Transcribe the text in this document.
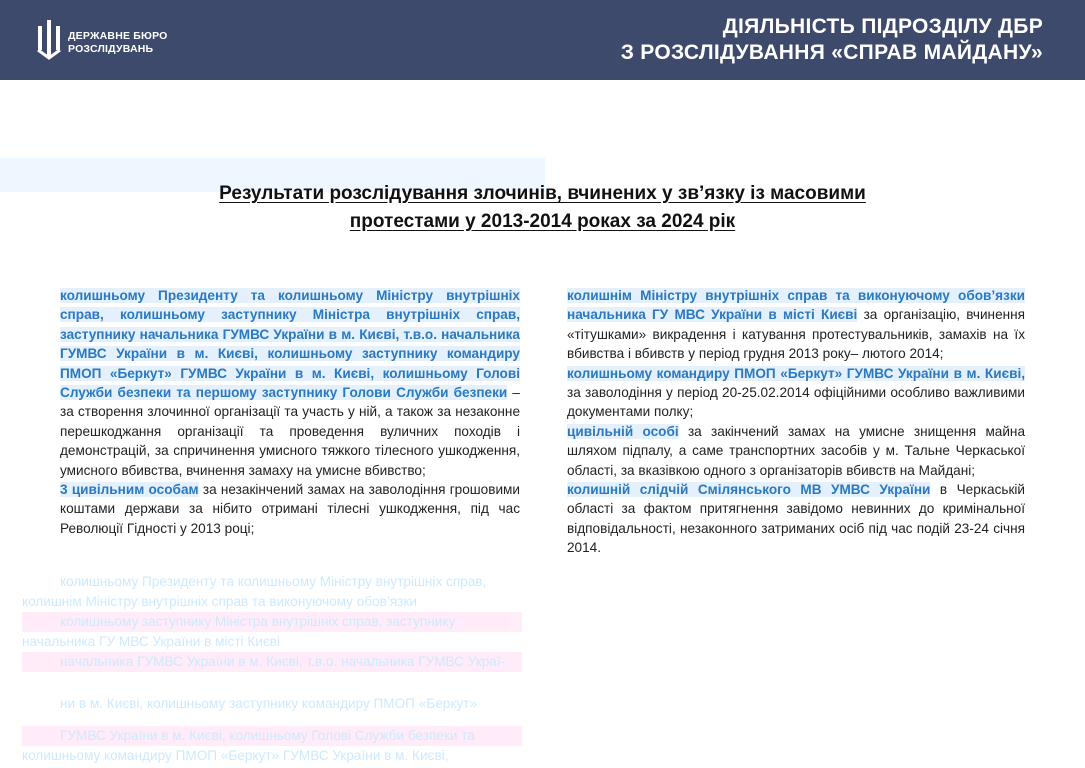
ДЕРЖАВНЕ БЮРО
РОЗСЛІДУВАНЬ
ДІЯЛЬНІСТЬ ПІДРОЗДІЛУ ДБР
З РОЗСЛІДУВАННЯ «СПРАВ МАЙДАНУ»
Результати розслідування злочинів, вчинених у зв’язку із масовими
протестами у 2013-2014 роках за 2024 рік

колишньому Президенту та колишньому Міністру внутрішніх справ, колишньому заступнику Міністра внутрішніх справ, заступнику начальника ГУМВС України в м. Києві, т.в.о. начальника ГУМВС України в м. Києві, колишньому заступнику командиру ПМОП «Беркут» ГУМВС України в м. Києві, колишньому Голові Служби безпеки та першому заступнику Голови Служби безпеки – за створення злочинної організації та участь у ній, а також за незаконне перешкоджання організації та проведення вуличних походів і демонстрацій, за спричинення умисного тяжкого тілесного ушкодження, умисного вбивства, вчинення замаху на умисне вбивство;

3 цивільним особам за незакінчений замах на заволодіння грошовими коштами держави за нібито отримані тілесні ушкодження, під час Революції Гідності у 2013 році;

колишнім Міністру внутрішніх справ та виконуючому обов’язки начальника ГУ МВС України в місті Києві за організацію, вчинення «тітушками» викрадення і катування протестувальників, замахів на їх вбивства і вбивств у період грудня 2013 року– лютого 2014;

колишньому командиру ПМОП «Беркут» ГУМВС України в м. Києві, за заволодіння у період 20-25.02.2014 офіційними особливо важливими документами полку;

цивільній особі за закінчений замах на умисне знищення майна шляхом підпалу, а саме транспортних засобів у м. Тальне Черкаської області, за вказівкою одного з організаторів вбивств на Майдані;

колишній слідчій Смілянського МВ УМВС України в Черкаській області за фактом притягнення завідомо невинних до кримінальної відповідальності, незаконного затриманих осіб під час подій 23-24 січня 2014.

колишньому Президенту та колишньому Міністру внутрішніх справ,
колишнім Міністру внутрішніх справ та виконуючому обов’язки
колишньому заступнику Міністра внутрішніх справ, заступнику
начальника ГУ МВС України в місті Києві
начальника ГУМВС України в м. Києві, т.в.о. начальника ГУМВС Украї-
ни в м. Києві, колишньому заступнику командиру ПМОП «Беркут»
ГУМВС України в м. Києві, колишньому Голові Служби безпеки та
колишньому командиру ПМОП «Беркут» ГУМВС України в м. Києві,
